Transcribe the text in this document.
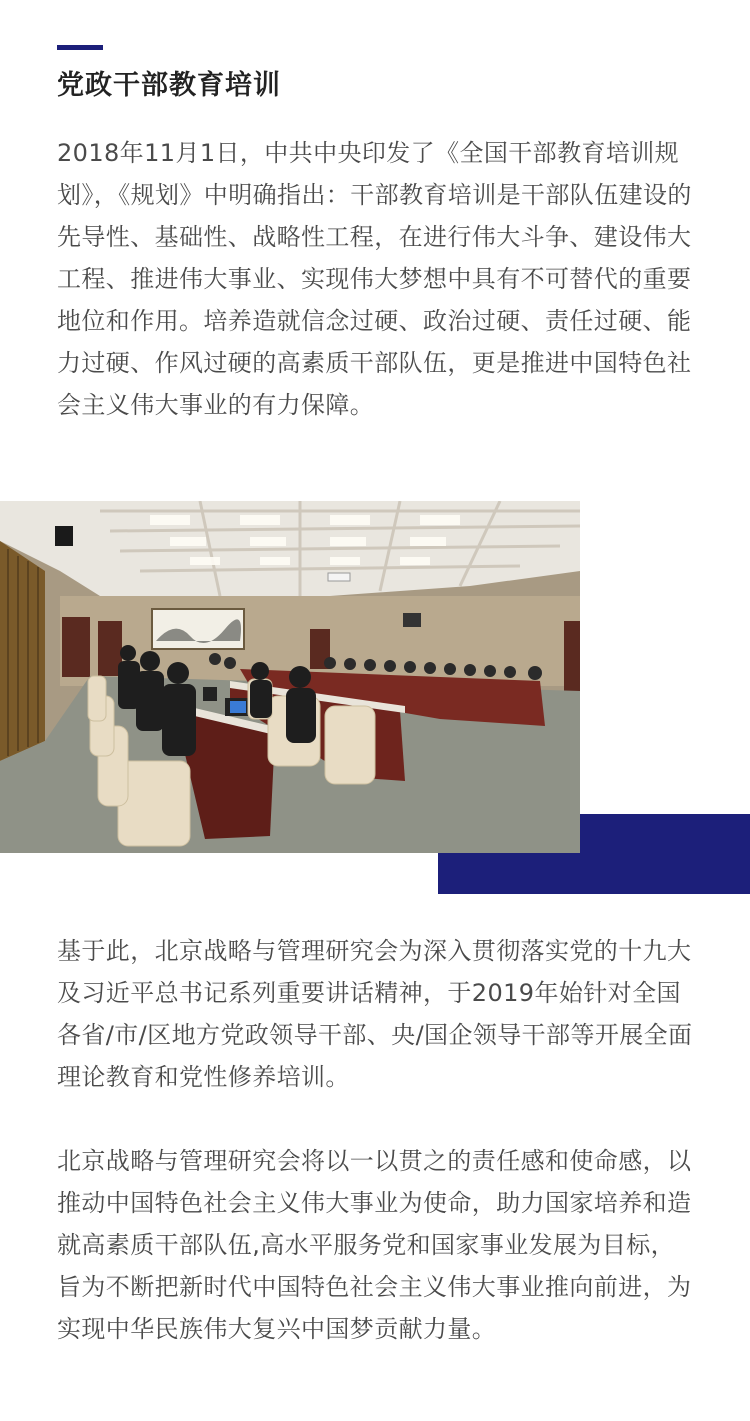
党政干部教育培训

2018年11月1日，中共中央印发了《全国干部教育培训规划》，《规划》中明确指出：干部教育培训是干部队伍建设的先导性、基础性、战略性工程，在进行伟大斗争、建设伟大工程、推进伟大事业、实现伟大梦想中具有不可替代的重要地位和作用。培养造就信念过硬、政治过硬、责任过硬、能力过硬、作风过硬的高素质干部队伍，更是推进中国特色社会主义伟大事业的有力保障。

基于此，北京战略与管理研究会为深入贯彻落实党的十九大及习近平总书记系列重要讲话精神，于2019年始针对全国各省/市/区地方党政领导干部、央/国企领导干部等开展全面理论教育和党性修养培训。

北京战略与管理研究会将以一以贯之的责任感和使命感，以推动中国特色社会主义伟大事业为使命，助力国家培养和造就高素质干部队伍,高水平服务党和国家事业发展为目标，旨为不断把新时代中国特色社会主义伟大事业推向前进，为实现中华民族伟大复兴中国梦贡献力量。
